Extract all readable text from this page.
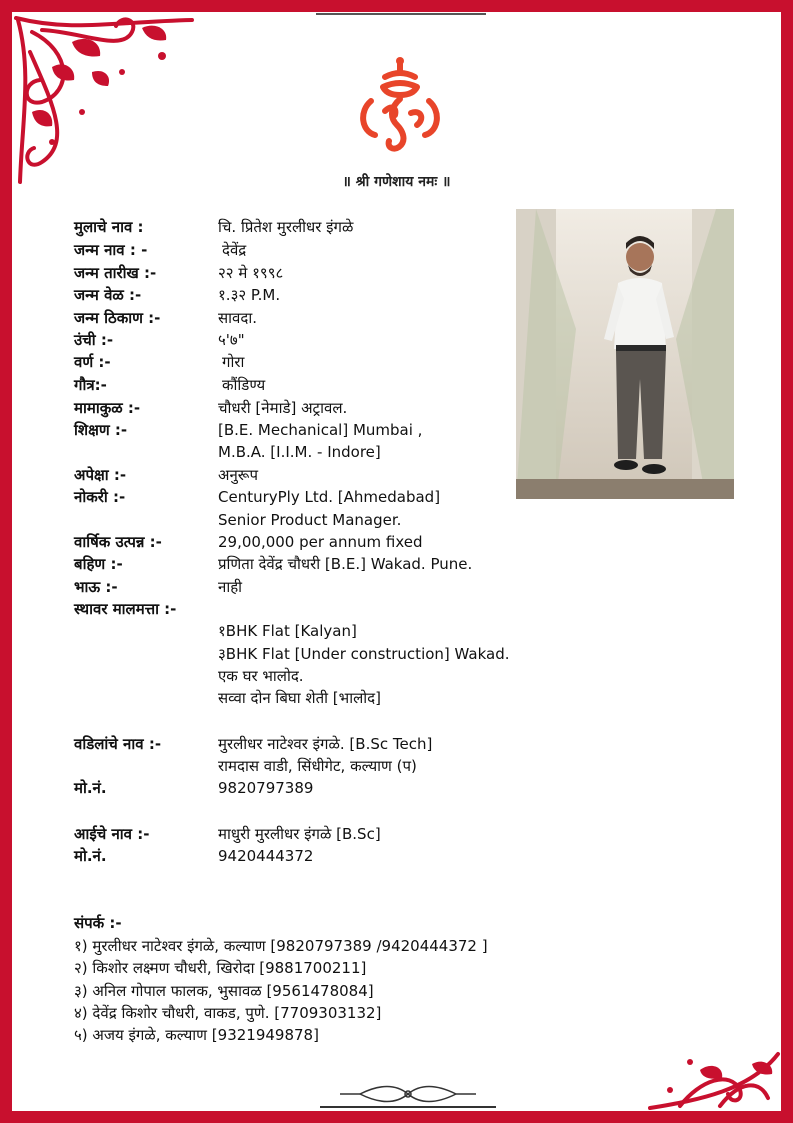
॥ श्री गणेशाय नमः ॥
मुलाचे नाव :	चि. प्रितेश मुरलीधर इंगळे
जन्म नाव : -	देवेंद्र
जन्म तारीख :-	२२ मे १९९८
जन्म वेळ :-	१.३२ P.M.
जन्म ठिकाण :-	सावदा.
उंची :-	५'७"
वर्ण :-	गोरा
गौत्र:-	कौंडिण्य
मामाकुळ :-	चौधरी [नेमाडे] अट्रावल.
शिक्षण :-	[B.E. Mechanical] Mumbai ,
M.B.A. [I.I.M. - Indore]
अपेक्षा :-	अनुरूप
नोकरी :-	CenturyPly Ltd. [Ahmedabad]
Senior Product Manager.
वार्षिक उत्पन्न :-	29,00,000 per annum fixed
बहिण :-	प्रणिता देवेंद्र चौधरी [B.E.] Wakad. Pune.
भाऊ :-	नाही
स्थावर मालमत्ता :-
१BHK Flat [Kalyan]
३BHK Flat [Under construction] Wakad.
एक घर भालोद.
सव्वा दोन बिघा शेती [भालोद]
वडिलांचे नाव :-	मुरलीधर नाटेश्वर इंगळे. [B.Sc Tech]
रामदास वाडी, सिंधीगेट, कल्याण (प)
मो.नं.	9820797389
आईचे नाव :-	माधुरी मुरलीधर इंगळे [B.Sc]
मो.नं.	9420444372
संपर्क :-
१) मुरलीधर नाटेश्वर इंगळे, कल्याण [9820797389 /9420444372 ]
२) किशोर लक्ष्मण चौधरी, खिरोदा [9881700211]
३) अनिल गोपाल फालक, भुसावळ [9561478084]
४) देवेंद्र किशोर चौधरी, वाकड, पुणे. [7709303132]
५) अजय इंगळे, कल्याण [9321949878]
